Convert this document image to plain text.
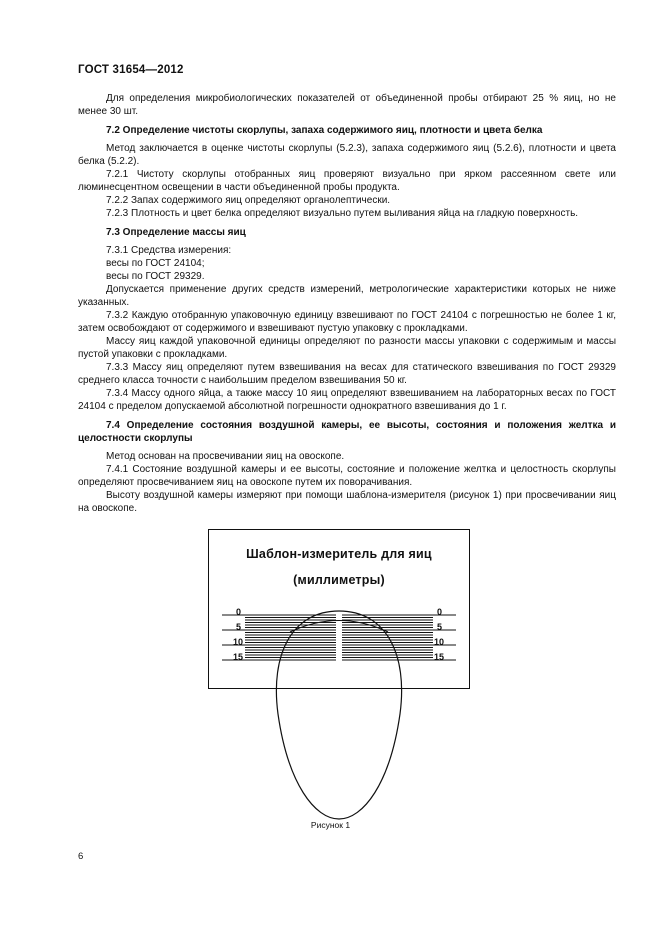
ГОСТ 31654—2012

Для определения микробиологических показателей от объединенной пробы отбирают 25 % яиц, но не менее 30 шт.

7.2 Определение чистоты скорлупы, запаха содержимого яиц, плотности и цвета белка

Метод заключается в оценке чистоты скорлупы (5.2.3), запаха содержимого яиц (5.2.6), плотности и цвета белка (5.2.2).

7.2.1 Чистоту скорлупы отобранных яиц проверяют визуально при ярком рассеянном свете или люминесцентном освещении в части объединенной пробы продукта.

7.2.2 Запах содержимого яиц определяют органолептически.

7.2.3 Плотность и цвет белка определяют визуально путем выливания яйца на гладкую поверхность.

7.3 Определение массы яиц

7.3.1 Средства измерения:

весы по ГОСТ 24104;

весы по ГОСТ 29329.

Допускается применение других средств измерений, метрологические характеристики которых не ниже указанных.

7.3.2 Каждую отобранную упаковочную единицу взвешивают по ГОСТ 24104 с погрешностью не более 1 кг, затем освобождают от содержимого и взвешивают пустую упаковку с прокладками.

Массу яиц каждой упаковочной единицы определяют по разности массы упаковки с содержимым и массы пустой упаковки с прокладками.

7.3.3 Массу яиц определяют путем взвешивания на весах для статического взвешивания по ГОСТ 29329 среднего класса точности с наибольшим пределом взвешивания 50 кг.

7.3.4 Массу одного яйца, а также массу 10 яиц определяют взвешиванием на лабораторных весах по ГОСТ 24104 с пределом допускаемой абсолютной погрешности однократного взвешивания до 1 г.

7.4 Определение состояния воздушной камеры, ее высоты, состояния и положения желтка и целостности скорлупы

Метод основан на просвечивании яиц на овоскопе.

7.4.1 Состояние воздушной камеры и ее высоты, состояние и положение желтка и целостность скорлупы определяют просвечиванием яиц на овоскопе путем их поворачивания.

Высоту воздушной камеры измеряют при помощи шаблона-измерителя (рисунок 1) при просвечивании яиц на овоскопе.

Шаблон-измеритель для яиц
(миллиметры)
0
5
10
15
0
5
10
15
Рисунок 1
6
